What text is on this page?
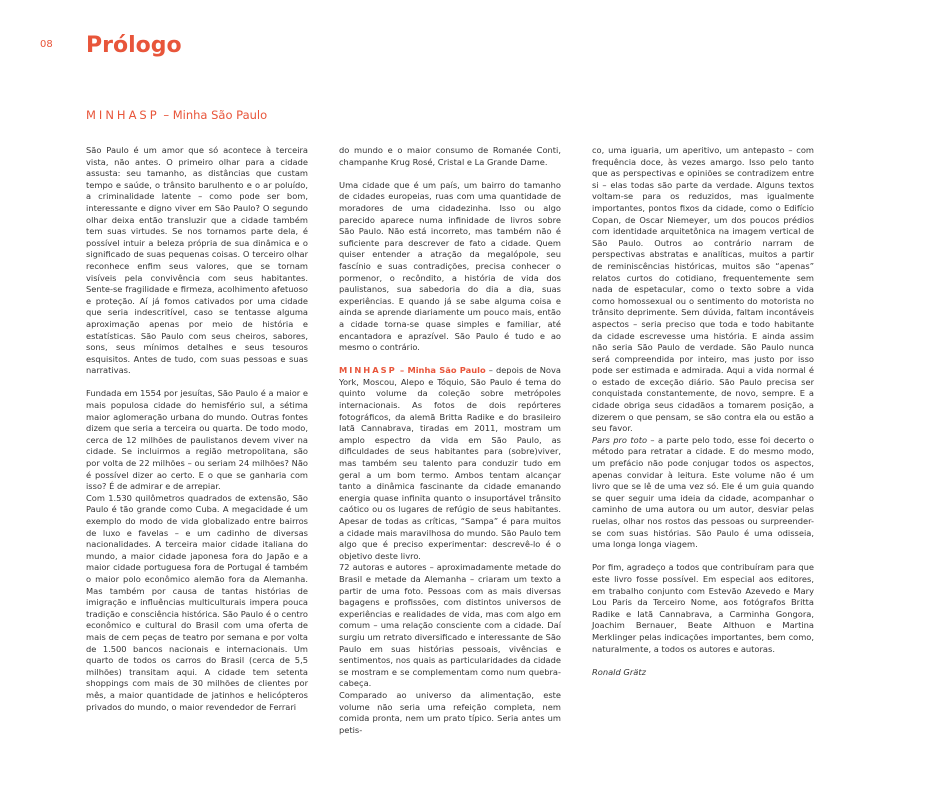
08 Prólogo
MINHASP – Minha São Paulo

São Paulo é um amor que só acontece à terceira vista, não antes. O primeiro olhar para a cidade assusta: seu tamanho, as distâncias que custam tempo e saúde, o trânsito barulhento e o ar poluído, a criminalidade latente – como pode ser bom, interessante e digno viver em São Paulo? O segundo olhar deixa então transluzir que a cidade também tem suas virtudes. Se nos tornamos parte dela, é possível intuir a beleza própria de sua dinâmica e o significado de suas pequenas coisas. O terceiro olhar reconhece enfim seus valores, que se tornam visíveis pela convivência com seus habitantes. Sente-se fragilidade e firmeza, acolhimento afetuoso e proteção. Aí já fomos cativados por uma cidade que seria indescritível, caso se tentasse alguma aproximação apenas por meio de história e estatísticas. São Paulo com seus cheiros, sabores, sons, seus mínimos detalhes e seus tesouros esquisitos. Antes de tudo, com suas pessoas e suas narrativas.

Fundada em 1554 por jesuítas, São Paulo é a maior e mais populosa cidade do hemisfério sul, a sétima maior aglomeração urbana do mundo. Outras fontes dizem que seria a terceira ou quarta. De todo modo, cerca de 12 milhões de paulistanos devem viver na cidade. Se incluirmos a região metropolitana, são por volta de 22 milhões – ou seriam 24 milhões? Não é possível dizer ao certo. E o que se ganharia com isso? É de admirar e de arrepiar.

Com 1.530 quilômetros quadrados de extensão, São Paulo é tão grande como Cuba. A megacidade é um exemplo do modo de vida globalizado entre bairros de luxo e favelas – e um cadinho de diversas nacionalidades. A terceira maior cidade italiana do mundo, a maior cidade japonesa fora do Japão e a maior cidade portuguesa fora de Portugal é também o maior polo econômico alemão fora da Alemanha. Mas também por causa de tantas histórias de imigração e influências multiculturais impera pouca tradição e consciência histórica. São Paulo é o centro econômico e cultural do Brasil com uma oferta de mais de cem peças de teatro por semana e por volta de 1.500 bancos nacionais e internacionais. Um quarto de todos os carros do Brasil (cerca de 5,5 milhões) transitam aqui. A cidade tem setenta shoppings com mais de 30 milhões de clientes por mês, a maior quantidade de jatinhos e helicópteros privados do mundo, o maior revendedor de Ferrari

do mundo e o maior consumo de Romanée Conti, champanhe Krug Rosé, Cristal e La Grande Dame.

Uma cidade que é um país, um bairro do tamanho de cidades europeias, ruas com uma quantidade de moradores de uma cidadezinha. Isso ou algo parecido aparece numa infinidade de livros sobre São Paulo. Não está incorreto, mas também não é suficiente para descrever de fato a cidade. Quem quiser entender a atração da megalópole, seu fascínio e suas contradições, precisa conhecer o pormenor, o recôndito, a história de vida dos paulistanos, sua sabedoria do dia a dia, suas experiências. E quando já se sabe alguma coisa e ainda se aprende diariamente um pouco mais, então a cidade torna-se quase simples e familiar, até encantadora e aprazível. São Paulo é tudo e ao mesmo o contrário.

MINHASP – Minha São Paulo – depois de Nova York, Moscou, Alepo e Tóquio, São Paulo é tema do quinto volume da coleção sobre metrópoles internacionais. As fotos de dois repórteres fotográficos, da alemã Britta Radike e do brasileiro Iatã Cannabrava, tiradas em 2011, mostram um amplo espectro da vida em São Paulo, as dificuldades de seus habitantes para (sobre)viver, mas também seu talento para conduzir tudo em geral a um bom termo. Ambos tentam alcançar tanto a dinâmica fascinante da cidade emanando energia quase infinita quanto o insuportável trânsito caótico ou os lugares de refúgio de seus habitantes. Apesar de todas as críticas, “Sampa” é para muitos a cidade mais maravilhosa do mundo. São Paulo tem algo que é preciso experimentar: descrevê-lo é o objetivo deste livro.

72 autoras e autores – aproximadamente metade do Brasil e metade da Alemanha – criaram um texto a partir de uma foto. Pessoas com as mais diversas bagagens e profissões, com distintos universos de experiências e realidades de vida, mas com algo em comum – uma relação consciente com a cidade. Daí surgiu um retrato diversificado e interessante de São Paulo em suas histórias pessoais, vivências e sentimentos, nos quais as particularidades da cidade se mostram e se complementam como num quebra-cabeça.

Comparado ao universo da alimentação, este volume não seria uma refeição completa, nem comida pronta, nem um prato típico. Seria antes um petis-

co, uma iguaria, um aperitivo, um antepasto – com frequência doce, às vezes amargo. Isso pelo tanto que as perspectivas e opiniões se contradizem entre si – elas todas são parte da verdade. Alguns textos voltam-se para os reduzidos, mas igualmente importantes, pontos fixos da cidade, como o Edifício Copan, de Oscar Niemeyer, um dos poucos prédios com identidade arquitetônica na imagem vertical de São Paulo. Outros ao contrário narram de perspectivas abstratas e analíticas, muitos a partir de reminiscências históricas, muitos são “apenas” relatos curtos do cotidiano, frequentemente sem nada de espetacular, como o texto sobre a vida como homossexual ou o sentimento do motorista no trânsito deprimente. Sem dúvida, faltam incontáveis aspectos – seria preciso que toda e todo habitante da cidade escrevesse uma história. E ainda assim não seria São Paulo de verdade. São Paulo nunca será compreendida por inteiro, mas justo por isso pode ser estimada e admirada. Aqui a vida normal é o estado de exceção diário. São Paulo precisa ser conquistada constantemente, de novo, sempre. E a cidade obriga seus cidadãos a tomarem posição, a dizerem o que pensam, se são contra ela ou estão a seu favor.

Pars pro toto – a parte pelo todo, esse foi decerto o método para retratar a cidade. E do mesmo modo, um prefácio não pode conjugar todos os aspectos, apenas convidar à leitura. Este volume não é um livro que se lê de uma vez só. Ele é um guia quando se quer seguir uma ideia da cidade, acompanhar o caminho de uma autora ou um autor, desviar pelas ruelas, olhar nos rostos das pessoas ou surpreender-se com suas histórias. São Paulo é uma odisseia, uma longa longa viagem.

Por fim, agradeço a todos que contribuíram para que este livro fosse possível. Em especial aos editores, em trabalho conjunto com Estevão Azevedo e Mary Lou Paris da Terceiro Nome, aos fotógrafos Britta Radike e Iatã Cannabrava, a Carminha Gongora, Joachim Bernauer, Beate Althuon e Martina Merklinger pelas indicações importantes, bem como, naturalmente, a todos os autores e autoras.

Ronald Grätz
